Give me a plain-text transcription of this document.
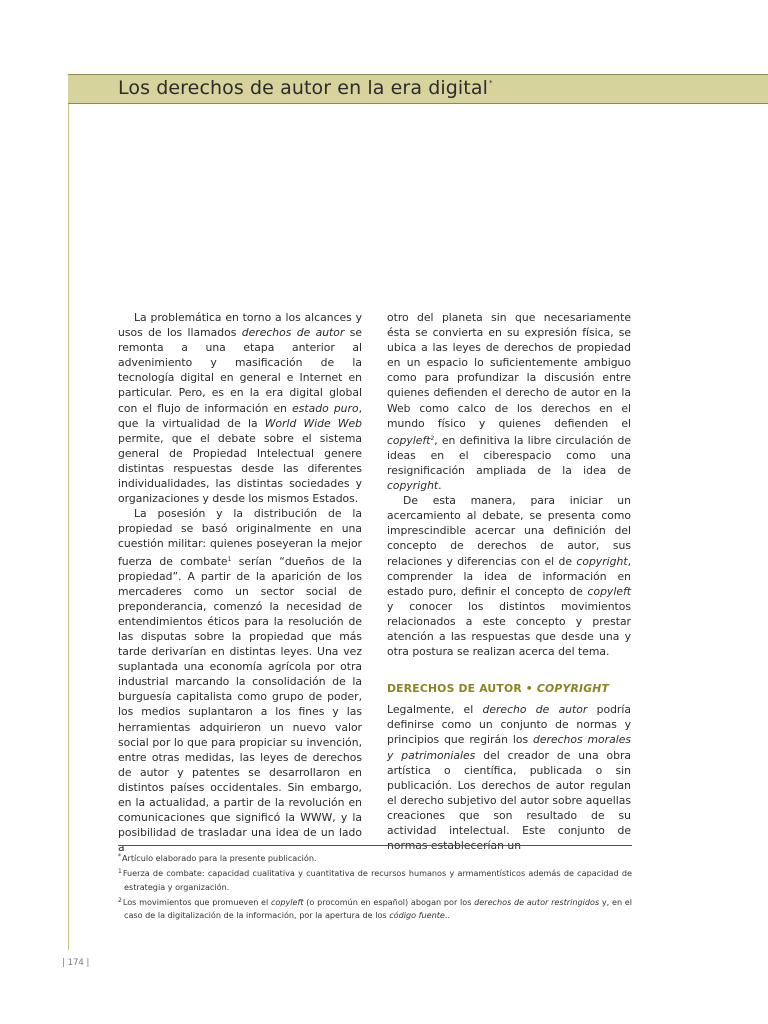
Los derechos de autor en la era digital*

La problemática en torno a los alcances y usos de los llamados derechos de autor se remonta a una etapa anterior al advenimiento y masificación de la tecnología digital en general e Internet en particular. Pero, es en la era digital global con el flujo de información en estado puro, que la virtualidad de la World Wide Web permite, que el debate sobre el sistema general de Propiedad Intelectual genere distintas respuestas desde las diferentes individualidades, las distintas sociedades y organizaciones y desde los mismos Estados.

La posesión y la distribución de la propiedad se basó originalmente en una cuestión militar: quienes poseyeran la mejor fuerza de combate$^1$ serían “dueños de la propiedad”. A partir de la aparición de los mercaderes como un sector social de preponderancia, comenzó la necesidad de entendimientos éticos para la resolución de las disputas sobre la propiedad que más tarde derivarían en distintas leyes. Una vez suplantada una economía agrícola por otra industrial marcando la consolidación de la burguesía capitalista como grupo de poder, los medios suplantaron a los fines y las herramientas adquirieron un nuevo valor social por lo que para propiciar su invención, entre otras medidas, las leyes de derechos de autor y patentes se desarrollaron en distintos países occidentales. Sin embargo, en la actualidad, a partir de la revolución en comunicaciones que significó la WWW, y la posibilidad de trasladar una idea de un lado a

otro del planeta sin que necesariamente ésta se convierta en su expresión física, se ubica a las leyes de derechos de propiedad en un espacio lo suficientemente ambiguo como para profundizar la discusión entre quienes defienden el derecho de autor en la Web como calco de los derechos en el mundo físico y quienes defienden el copyleft$^2$, en definitiva la libre circulación de ideas en el ciberespacio como una resignificación ampliada de la idea de copyright.

De esta manera, para iniciar un acercamiento al debate, se presenta como imprescindible acercar una definición del concepto de derechos de autor, sus relaciones y diferencias con el de copyright, comprender la idea de información en estado puro, definir el concepto de copyleft y conocer los distintos movimientos relacionados a este concepto y prestar atención a las respuestas que desde una y otra postura se realizan acerca del tema.

DERECHOS DE AUTOR • COPYRIGHT

Legalmente, el derecho de autor podría definirse como un conjunto de normas y principios que regirán los derechos morales y patrimoniales del creador de una obra artística o científica, publicada o sin publicación. Los derechos de autor regulan el derecho subjetivo del autor sobre aquellas creaciones que son resultado de su actividad intelectual. Este conjunto de normas establecerían un

*Artículo elaborado para la presente publicación.

$^1$Fuerza de combate: capacidad cualitativa y cuantitativa de recursos humanos y armamentísticos además de capacidad de estrategia y organización.

$^2$Los movimientos que promueven el copyleft (o procomún en español) abogan por los derechos de autor restringidos y, en el caso de la digitalización de la información, por la apertura de los código fuente..

| 174 |
